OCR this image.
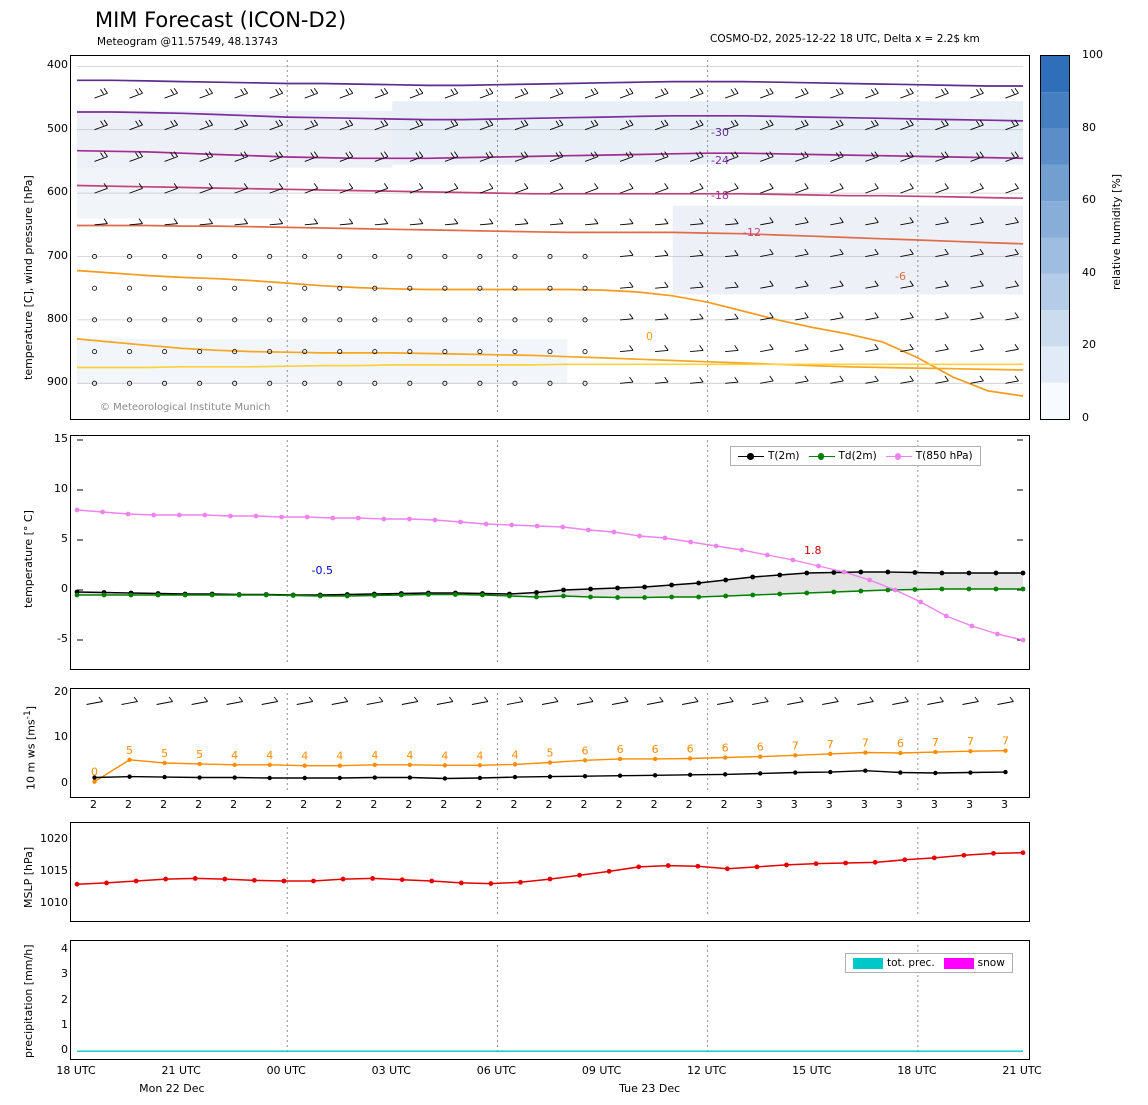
MIM Forecast (ICON-D2)
Meteogram @11.57549, 48.13743	COSMO-D2, 2025-12-22 18 UTC, Delta x = 2.2$ km
-30
-24
-18
-12
-6
0
temperature [C], wind pressure [hPa]
© Meteorological Institute Munich
relative humidity [%]
-0.5
1.8
temperature [° C]
T(2m)	Td(2m)	T(850 hPa)
0
5	5	5	4	4	4	4	4	4	4	4	4	5	6	6	6	6	6	6	7	7	7	6	7	7	7
10 m ws $[ms^{-1}]$
MSLP [hPa]
precipitation [mm/h]	tot. prec.	snow
400
500
600
700
800
900
0
20
40
60
80
100
-5
0
5
10
15
0
10
20
2	2	2	2	2	2	2	2	2	2	2	2	2	2	2	2	2	2	2	3	3	3	3	3	3	3	3
1010
1015
1020
0
1
2
3
4
18 UTC	21 UTC	00 UTC	03 UTC	06 UTC	09 UTC	12 UTC	15 UTC	18 UTC	21 UTC
Mon 22 Dec	Tue 23 Dec
